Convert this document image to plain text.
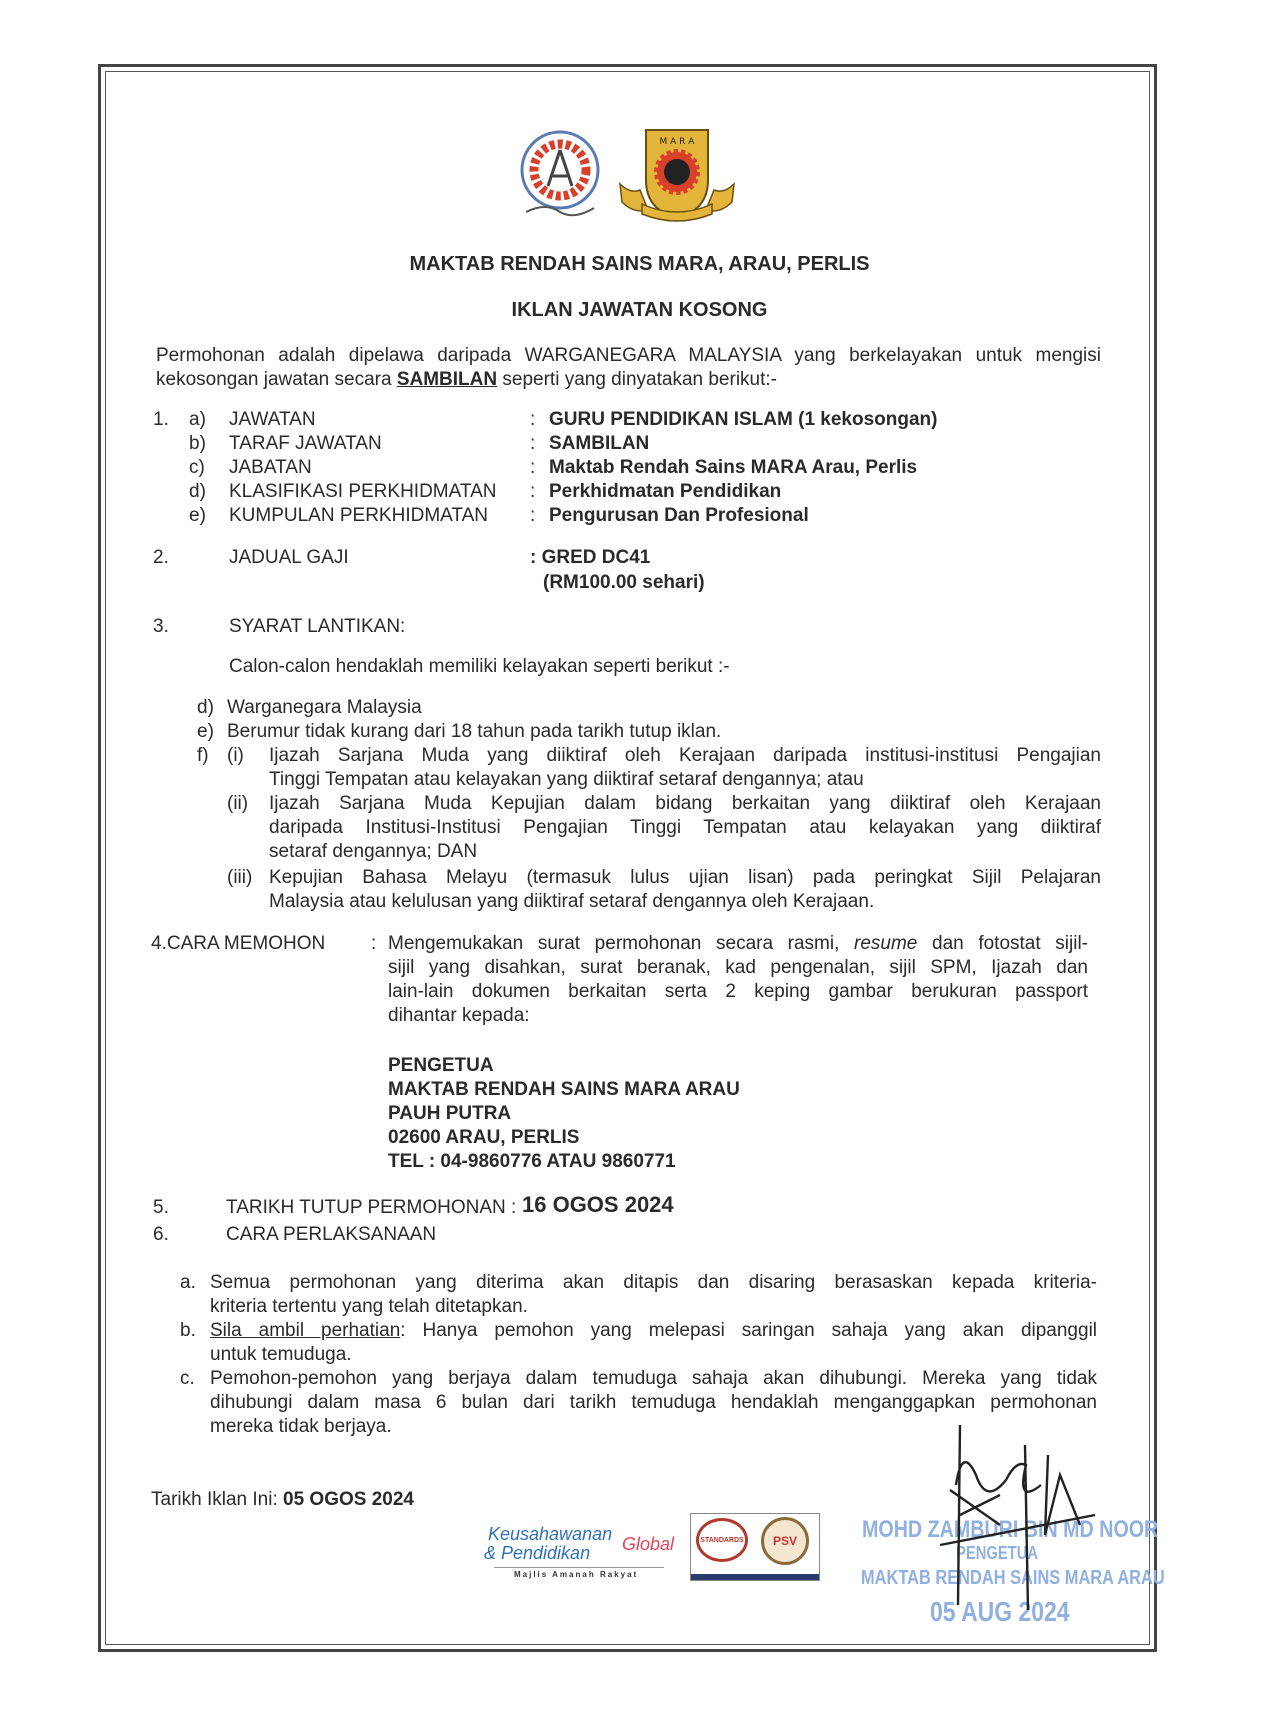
M A R A
MAKTAB RENDAH SAINS MARA, ARAU, PERLIS
IKLAN JAWATAN KOSONG
Permohonan adalah dipelawa daripada WARGANEGARA MALAYSIA yang berkelayakan untuk mengisi
kekosongan jawatan secara SAMBILAN seperti yang dinyatakan berikut:-
1. a) JAWATAN	: GURU PENDIDIKAN ISLAM (1 kekosongan)
b) TARAF JAWATAN	: SAMBILAN
c) JABATAN	: Maktab Rendah Sains MARA Arau, Perlis
d) KLASIFIKASI PERKHIDMATAN : Perkhidmatan Pendidikan
e) KUMPULAN PERKHIDMATAN : Pengurusan Dan Profesional
2.	JADUAL GAJI	: GRED DC41
(RM100.00 sehari)
3.	SYARAT LANTIKAN:
Calon-calon hendaklah memiliki kelayakan seperti berikut :-
d) Warganegara Malaysia
e) Berumur tidak kurang dari 18 tahun pada tarikh tutup iklan.
f) (i) Ijazah Sarjana Muda yang diiktiraf oleh Kerajaan daripada institusi-institusi Pengajian
Tinggi Tempatan atau kelayakan yang diiktiraf setaraf dengannya; atau
(ii) Ijazah Sarjana Muda Kepujian dalam bidang berkaitan yang diiktiraf oleh Kerajaan
daripada Institusi-Institusi Pengajian Tinggi Tempatan atau kelayakan yang diiktiraf
setaraf dengannya; DAN
(iii) Kepujian Bahasa Melayu (termasuk lulus ujian lisan) pada peringkat Sijil Pelajaran
Malaysia atau kelulusan yang diiktiraf setaraf dengannya oleh Kerajaan.
4.CARA MEMOHON : Mengemukakan surat permohonan secara rasmi, resume dan fotostat sijil-
sijil yang disahkan, surat beranak, kad pengenalan, sijil SPM, Ijazah dan
lain-lain dokumen berkaitan serta 2 keping gambar berukuran passport
dihantar kepada:
PENGETUA
MAKTAB RENDAH SAINS MARA ARAU
PAUH PUTRA
02600 ARAU, PERLIS
TEL : 04-9860776 ATAU 9860771
5.	TARIKH TUTUP PERMOHONAN : 16 OGOS 2024
6.	CARA PERLAKSANAAN
a. Semua permohonan yang diterima akan ditapis dan disaring berasaskan kepada kriteria-
kriteria tertentu yang telah ditetapkan.
b. Sila ambil perhatian: Hanya pemohon yang melepasi saringan sahaja yang akan dipanggil
untuk temuduga.
c. Pemohon-pemohon yang berjaya dalam temuduga sahaja akan dihubungi. Mereka yang tidak
dihubungi dalam masa 6 bulan dari tarikh temuduga hendaklah menganggapkan permohonan
mereka tidak berjaya.
Tarikh Iklan Ini: 05 OGOS 2024
Keusahawanan
& Pendidikan Global
Majlis Amanah Rakyat
STANDARDS	PSV	MOHD ZAMBURI BIN MD NOOR
PENGETUA
MAKTAB RENDAH SAINS MARA ARAU
05 AUG 2024
